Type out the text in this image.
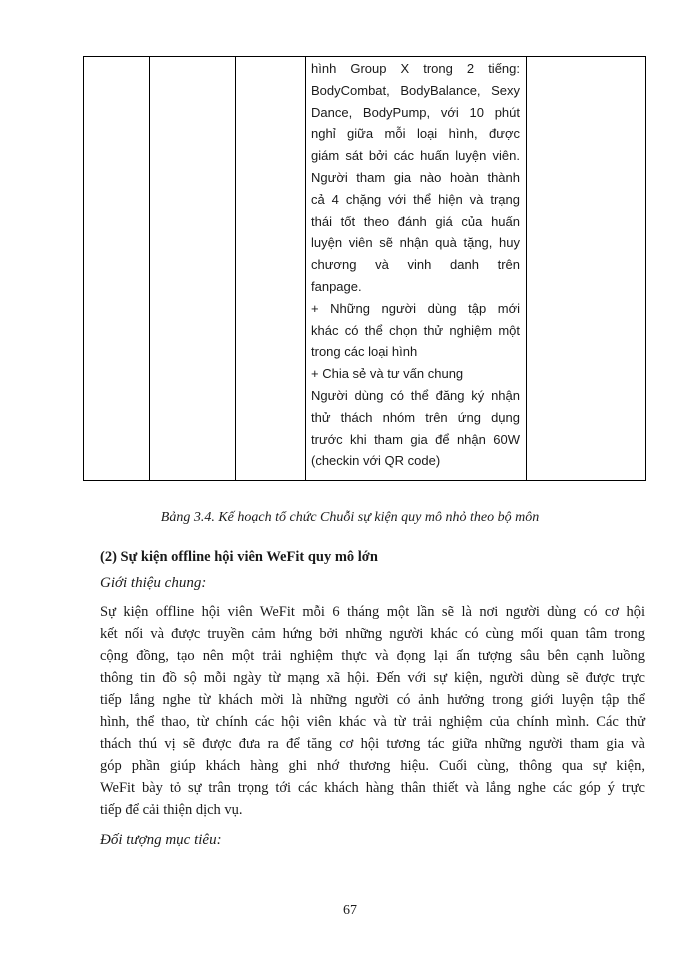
hình Group X trong 2 tiếng:
BodyCombat, BodyBalance, Sexy
Dance, BodyPump, với 10 phút
nghỉ giữa mỗi loại hình, được
giám sát bởi các huấn luyện viên.
Người tham gia nào hoàn thành
cả 4 chặng với thể hiện và trạng
thái tốt theo đánh giá của huấn
luyện viên sẽ nhận quà tặng, huy
chương và vinh danh trên
fanpage.
+ Những người dùng tập mới
khác có thể chọn thử nghiệm một
trong các loại hình
+ Chia sẻ và tư vấn chung
Người dùng có thể đăng ký nhận
thử thách nhóm trên ứng dụng
trước khi tham gia để nhận 60W
(checkin với QR code)

Bảng 3.4. Kế hoạch tổ chức Chuỗi sự kiện quy mô nhỏ theo bộ môn
(2) Sự kiện offline hội viên WeFit quy mô lớn
Giới thiệu chung:
Sự kiện offline hội viên WeFit mỗi 6 tháng một lần sẽ là nơi người dùng có cơ hội
kết nối và được truyền cảm hứng bởi những người khác có cùng mối quan tâm trong
cộng đồng, tạo nên một trải nghiệm thực và đọng lại ấn tượng sâu bên cạnh luồng
thông tin đồ sộ mỗi ngày từ mạng xã hội. Đến với sự kiện, người dùng sẽ được trực
tiếp lắng nghe từ khách mời là những người có ảnh hưởng trong giới luyện tập thể
hình, thể thao, từ chính các hội viên khác và từ trải nghiệm của chính mình. Các thử
thách thú vị sẽ được đưa ra để tăng cơ hội tương tác giữa những người tham gia và
góp phần giúp khách hàng ghi nhớ thương hiệu. Cuối cùng, thông qua sự kiện,
WeFit bày tỏ sự trân trọng tới các khách hàng thân thiết và lắng nghe các góp ý trực
tiếp để cải thiện dịch vụ.
Đối tượng mục tiêu:
67
